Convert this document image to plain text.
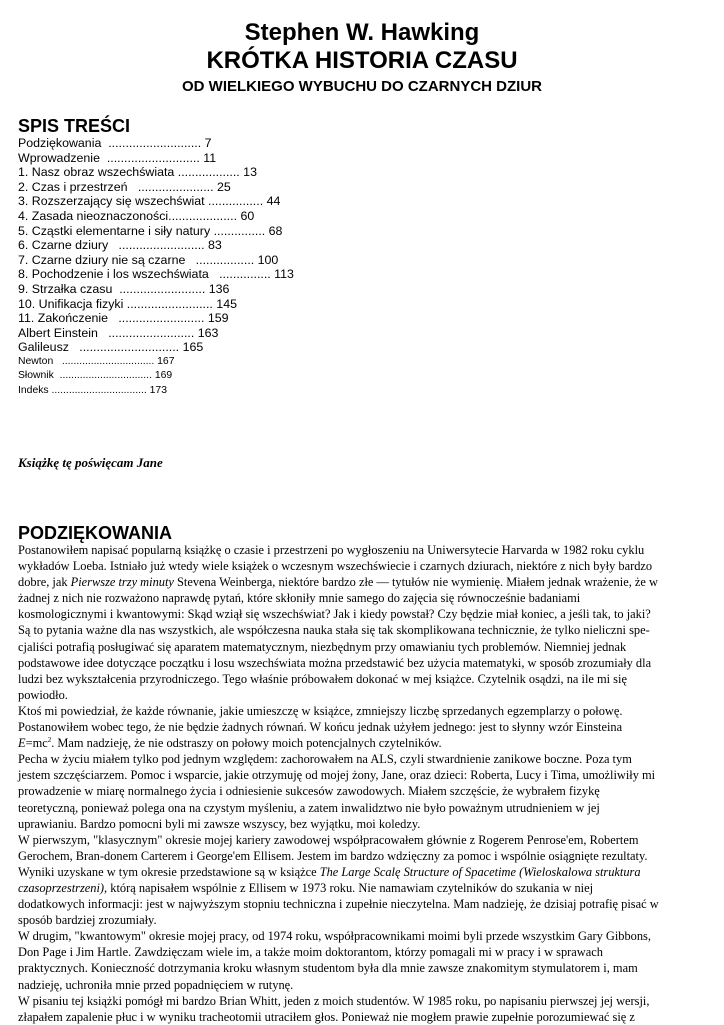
Stephen W. Hawking
KRÓTKA HISTORIA CZASU
OD WIELKIEGO WYBUCHU DO CZARNYCH DZIUR
SPIS TREŚCI
Podziękowania  ........................... 7
Wprowadzenie  ........................... 11
1. Nasz obraz wszechświata .................. 13
2. Czas i przestrzeń   ...................... 25
3. Rozszerzający się wszechświat ................ 44
4. Zasada nieoznaczoności.................... 60
5. Cząstki elementarne i siły natury ............... 68
6. Czarne dziury   ......................... 83
7. Czarne dziury nie są czarne   ................. 100
8. Pochodzenie i los wszechświata   ............... 113
9. Strzałka czasu  ......................... 136
10. Unifikacja fizyki ......................... 145
11. Zakończenie   ......................... 159
Albert Einstein   ......................... 163
Galileusz   ............................. 165
Newton   ................................ 167
Słownik  ................................ 169
Indeks ................................. 173
Książkę tę poświęcam Jane
PODZIĘKOWANIA
Postanowiłem napisać popularną książkę o czasie i przestrzeni po wygłoszeniu na Uniwersytecie Harvarda w 1982 roku cyklu
wykładów Loeba. Istniało już wtedy wiele książek o wczesnym wszechświecie i czarnych dziurach, niektóre z nich były bardzo
dobre, jak Pierwsze trzy minuty Stevena Weinberga, niektóre bardzo złe — tytułów nie wymienię. Miałem jednak wrażenie, że w
żadnej z nich nie rozważono naprawdę pytań, które skłoniły mnie samego do zajęcia się równocześnie badaniami
kosmologicznymi i kwantowymi: Skąd wziął się wszechświat? Jak i kiedy powstał? Czy będzie miał koniec, a jeśli tak, to jaki?
Są to pytania ważne dla nas wszystkich, ale współczesna nauka stała się tak skomplikowana technicznie, że tylko nieliczni spe-
cjaliści potrafią posługiwać się aparatem matematycznym, niezbędnym przy omawianiu tych problemów. Niemniej jednak
podstawowe idee dotyczące początku i losu wszechświata można przedstawić bez użycia matematyki, w sposób zrozumiały dla
ludzi bez wykształcenia przyrodniczego. Tego właśnie próbowałem dokonać w mej książce. Czytelnik osądzi, na ile mi się
powiodło.
Ktoś mi powiedział, że każde równanie, jakie umieszczę w książce, zmniejszy liczbę sprzedanych egzemplarzy o połowę.
Postanowiłem wobec tego, że nie będzie żadnych równań. W końcu jednak użyłem jednego: jest to słynny wzór Einsteina
$E=mc^2$. Mam nadzieję, że nie odstraszy on połowy moich potencjalnych czytelników.
Pecha w życiu miałem tylko pod jednym względem: zachorowałem na ALS, czyli stwardnienie zanikowe boczne. Poza tym
jestem szczęściarzem. Pomoc i wsparcie, jakie otrzymuję od mojej żony, Jane, oraz dzieci: Roberta, Lucy i Tima, umożliwiły mi
prowadzenie w miarę normalnego życia i odniesienie sukcesów zawodowych. Miałem szczęście, że wybrałem fizykę
teoretyczną, ponieważ polega ona na czystym myśleniu, a zatem inwalidztwo nie było poważnym utrudnieniem w jej
uprawianiu. Bardzo pomocni byli mi zawsze wszyscy, bez wyjątku, moi koledzy.
W pierwszym, "klasycznym" okresie mojej kariery zawodowej współpracowałem głównie z Rogerem Penrose'em, Robertem
Gerochem, Bran-donem Carterem i George'em Ellisem. Jestem im bardzo wdzięczny za pomoc i wspólnie osiągnięte rezultaty.
Wyniki uzyskane w tym okresie przedstawione są w książce The Large Scalę Structure of Spacetime (Wieloskalowa struktura
czasoprzestrzeni), którą napisałem wspólnie z Ellisem w 1973 roku. Nie namawiam czytelników do szukania w niej
dodatkowych informacji: jest w najwyższym stopniu techniczna i zupełnie nieczytelna. Mam nadzieję, że dzisiaj potrafię pisać w
sposób bardziej zrozumiały.
W drugim, "kwantowym" okresie mojej pracy, od 1974 roku, współpracownikami moimi byli przede wszystkim Gary Gibbons,
Don Page i Jim Hartle. Zawdzięczam wiele im, a także moim doktorantom, którzy pomagali mi w pracy i w sprawach
praktycznych. Konieczność dotrzymania kroku własnym studentom była dla mnie zawsze znakomitym stymulatorem i, mam
nadzieję, uchroniła mnie przed popadnięciem w rutynę.
W pisaniu tej książki pomógł mi bardzo Brian Whitt, jeden z moich studentów. W 1985 roku, po napisaniu pierwszej jej wersji,
złapałem zapalenie płuc i w wyniku tracheotomii utraciłem głos. Ponieważ nie mogłem prawie zupełnie porozumiewać się z
